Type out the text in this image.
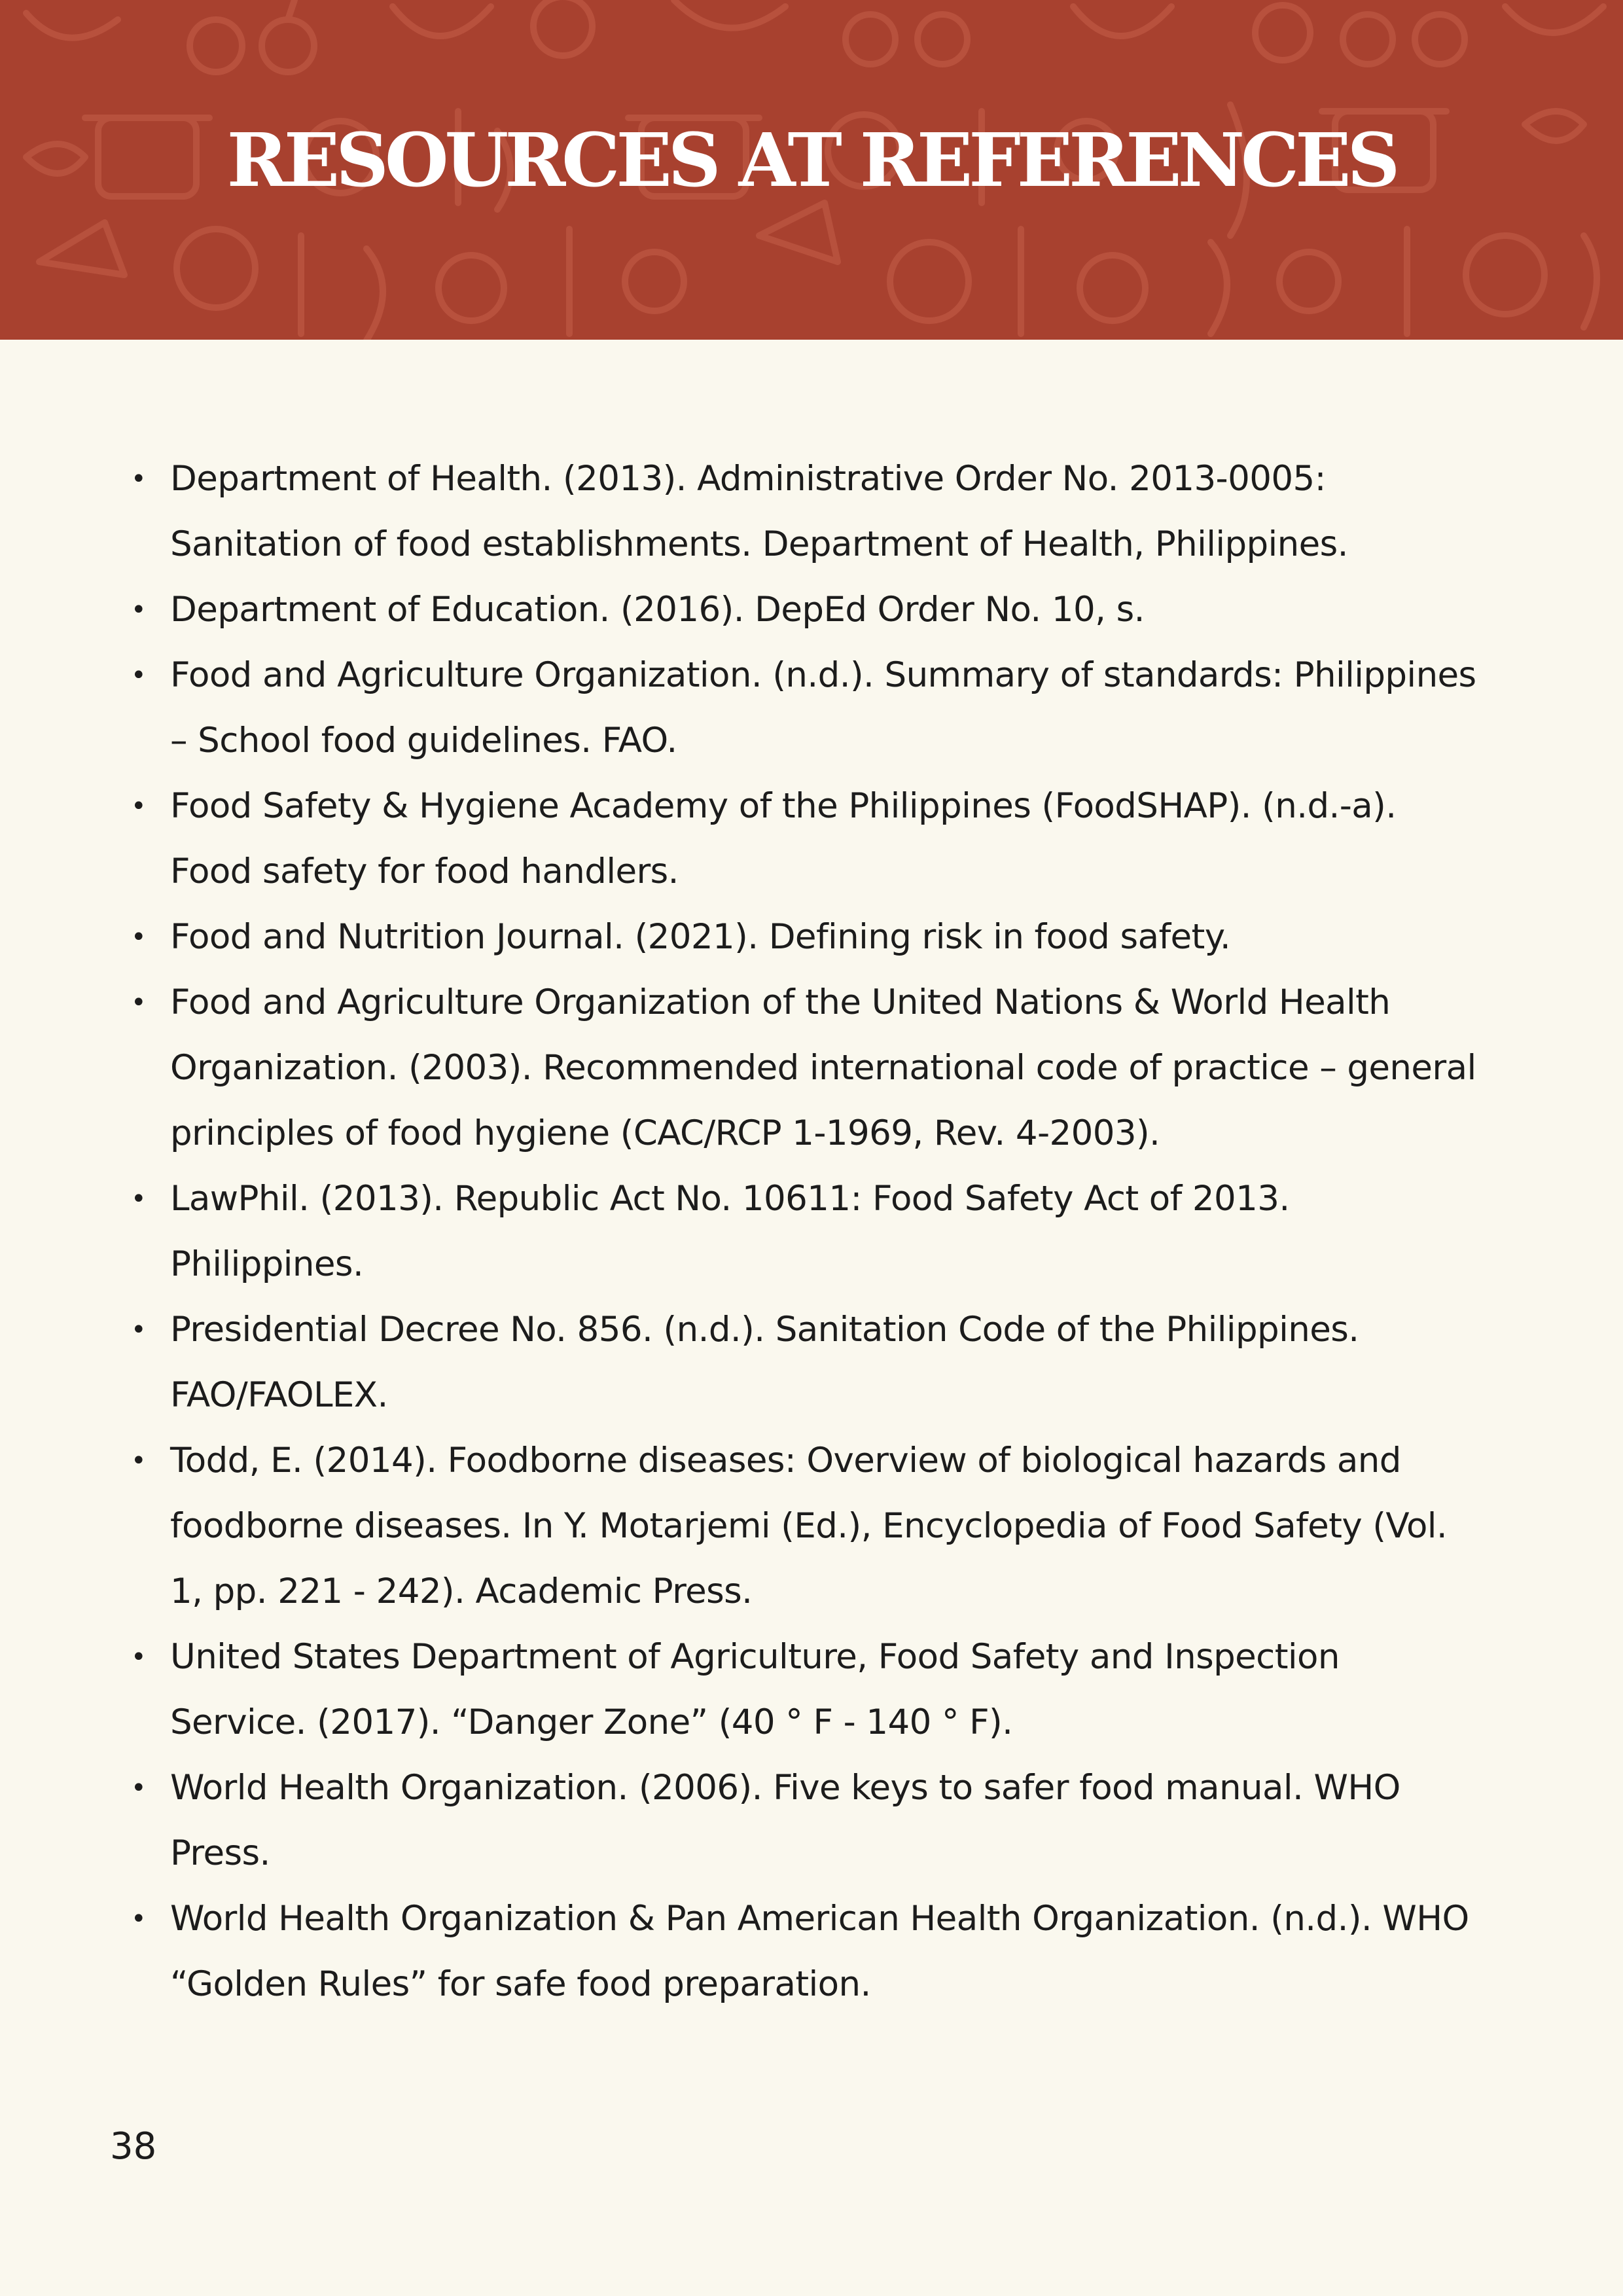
RESOURCES AT REFERENCES
• Department of Health. (2013). Administrative Order No. 2013-0005: Sanitation of food establishments. Department of Health, Philippines.
• Department of Education. (2016). DepEd Order No. 10, s.
• Food and Agriculture Organization. (n.d.). Summary of standards: Philippines – School food guidelines. FAO.
• Food Safety & Hygiene Academy of the Philippines (FoodSHAP). (n.d.-a). Food safety for food handlers.
• Food and Nutrition Journal. (2021). Defining risk in food safety.
• Food and Agriculture Organization of the United Nations & World Health Organization. (2003). Recommended international code of practice – general principles of food hygiene (CAC/RCP 1-1969, Rev. 4-2003).
• LawPhil. (2013). Republic Act No. 10611: Food Safety Act of 2013. Philippines.
• Presidential Decree No. 856. (n.d.). Sanitation Code of the Philippines. FAO/FAOLEX.
• Todd, E. (2014). Foodborne diseases: Overview of biological hazards and foodborne diseases. In Y. Motarjemi (Ed.), Encyclopedia of Food Safety (Vol. 1, pp. 221 - 242). Academic Press.
• United States Department of Agriculture, Food Safety and Inspection Service. (2017). “Danger Zone” (40 ° F - 140 ° F).
• World Health Organization. (2006). Five keys to safer food manual. WHO Press.
• World Health Organization & Pan American Health Organization. (n.d.). WHO “Golden Rules” for safe food preparation.
38
